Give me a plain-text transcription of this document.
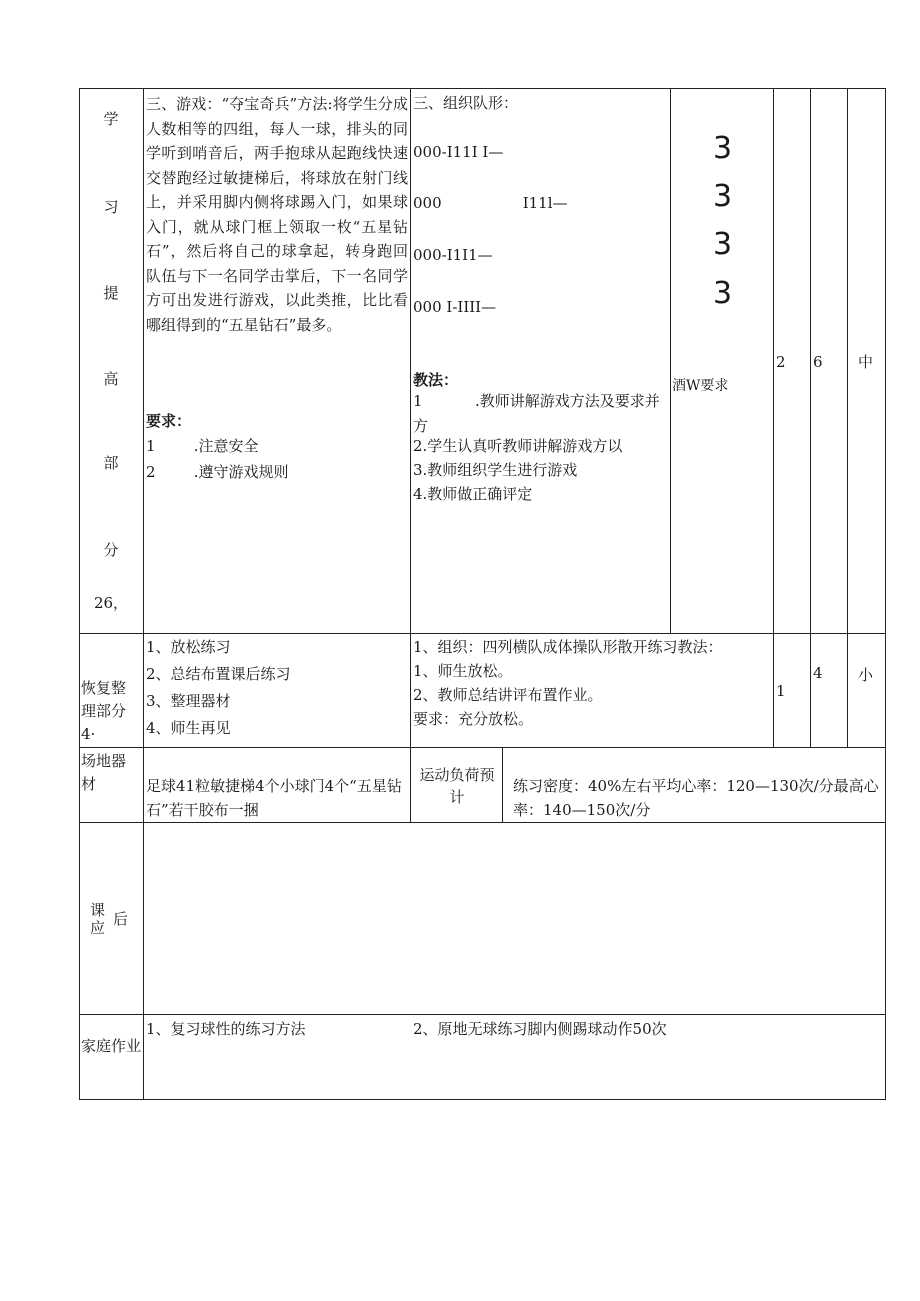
学
习
提
高
部
分
26，
三、游戏：“夺宝奇兵”方法:将学生分成人数相等的四组，每人一球，排头的同学听到哨音后，两手抱球从起跑线快速交替跑经过敏捷梯后，将球放在射门线上，并采用脚内侧将球踢入门，如果球入门，就从球门框上领取一枚“五星钻石”，然后将自己的球拿起，转身跑回队伍与下一名同学击掌后，下一名同学方可出发进行游戏，以此类推，比比看哪组得到的“五星钻石”最多。
要求：
1        .注意安全
2        .遵守游戏规则
三、组织队形：
000-I11I I—
000                 I11l—
000-I1I1—
000 I-IIII—
教法：
1           .教师讲解游戏方法及要求并方
2.学生认真听教师讲解游戏方以
3.教师组织学生进行游戏
4.教师做正确评定
3
3
3
3
酒W要求
2 6 中
恢复整理部分4·
1、放松练习
2、总结布置课后练习
3、整理器材
4、师生再见
1、组织：四列横队成体操队形散开练习教法：
1、师生放松。
2、教师总结讲评布置作业。
要求：充分放松。
1
4 小
场地器材	足球41粒敏捷梯4个小球门4个“五星钻石”若干胶布一捆
运动负荷预计
练习密度：40%左右平均心率：120—130次/分最高心率：140—150次/分
课 后
应
家庭作业
1、复习球性的练习方法	2、原地无球练习脚内侧踢球动作50次
